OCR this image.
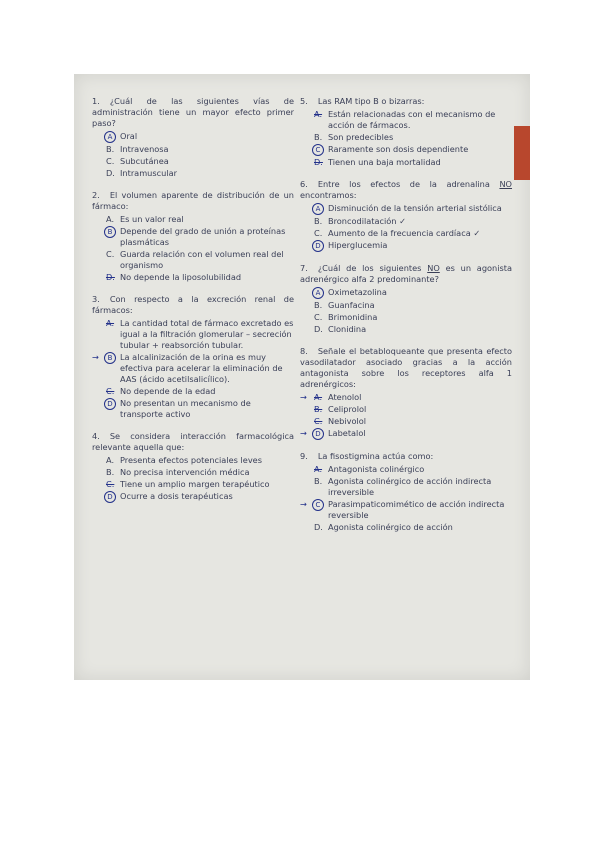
1. ¿Cuál de las siguientes vías de administración tiene un mayor efecto primer paso?
A Oral
B. Intravenosa
C. Subcutánea
D. Intramuscular
2. El volumen aparente de distribución de un fármaco:
A. Es un valor real
B Depende del grado de unión a proteínas plasmáticas
C. Guarda relación con el volumen real del organismo
D. No depende la liposolubilidad
3. Con respecto a la excreción renal de fármacos:
A. La cantidad total de fármaco excretado es igual a la filtración glomerular – secreción tubular + reabsorción tubular.
→ B La alcalinización de la orina es muy efectiva para acelerar la eliminación de AAS (ácido acetilsalicílico).
C. No depende de la edad
D No presentan un mecanismo de transporte activo
4. Se considera interacción farmacológica relevante aquella que:
A. Presenta efectos potenciales leves
B. No precisa intervención médica
C. Tiene un amplio margen terapéutico
D Ocurre a dosis terapéuticas
5. Las RAM tipo B o bizarras:
A. Están relacionadas con el mecanismo de acción de fármacos.
B. Son predecibles
C Raramente son dosis dependiente
D. Tienen una baja mortalidad
6. Entre los efectos de la adrenalina NO encontramos:
A Disminución de la tensión arterial sistólica
B. Broncodilatación ✓
C. Aumento de la frecuencia cardíaca ✓
D Hiperglucemia
7. ¿Cuál de los siguientes NO es un agonista adrenérgico alfa 2 predominante?
A Oximetazolina
B. Guanfacina
C. Brimonidina
D. Clonidina
8. Señale el betabloqueante que presenta efecto vasodilatador asociado gracias a la acción antagonista sobre los receptores alfa 1 adrenérgicos:
→ A. Atenolol
B. Celiprolol
C. Nebivolol
→ D Labetalol
9. La fisostigmina actúa como:
A. Antagonista colinérgico
B. Agonista colinérgico de acción indirecta irreversible
→ C Parasimpaticomimético de acción indirecta reversible
D. Agonista colinérgico de acción
